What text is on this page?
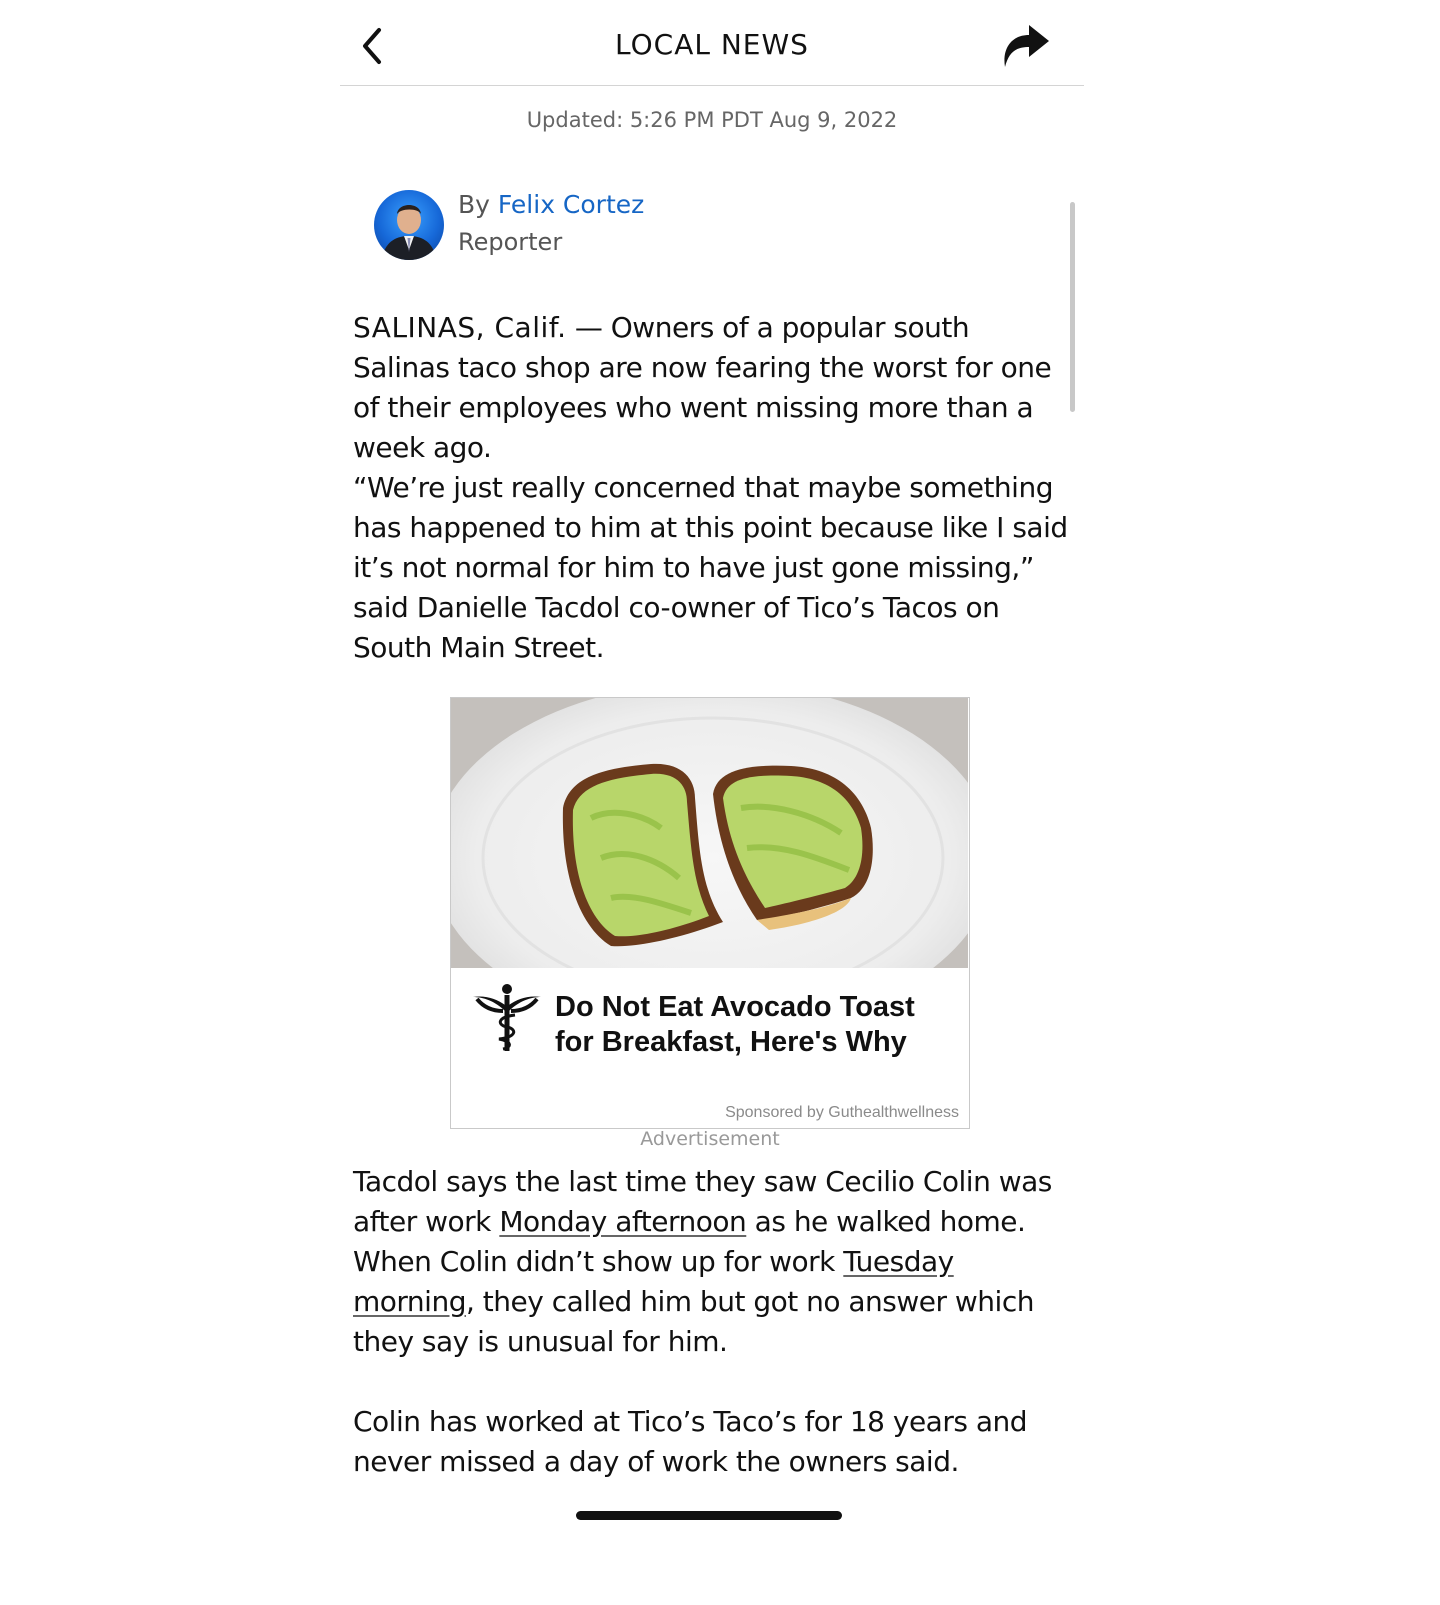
LOCAL NEWS
Updated: 5:26 PM PDT Aug 9, 2022
By Felix Cortez
Reporter

SALINAS, Calif. — Owners of a popular south Salinas taco shop are now fearing the worst for one of their employees who went missing more than a week ago.

“We’re just really concerned that maybe something has happened to him at this point because like I said it’s not normal for him to have just gone missing,” said Danielle Tacdol co-owner of Tico’s Tacos on South Main Street.

Do Not Eat Avocado Toast for Breakfast, Here's Why
Sponsored by Guthealthwellness
Advertisement

Tacdol says the last time they saw Cecilio Colin was after work Monday afternoon as he walked home. When Colin didn’t show up for work Tuesday morning, they called him but got no answer which they say is unusual for him.

Colin has worked at Tico’s Taco’s for 18 years and never missed a day of work the owners said.
